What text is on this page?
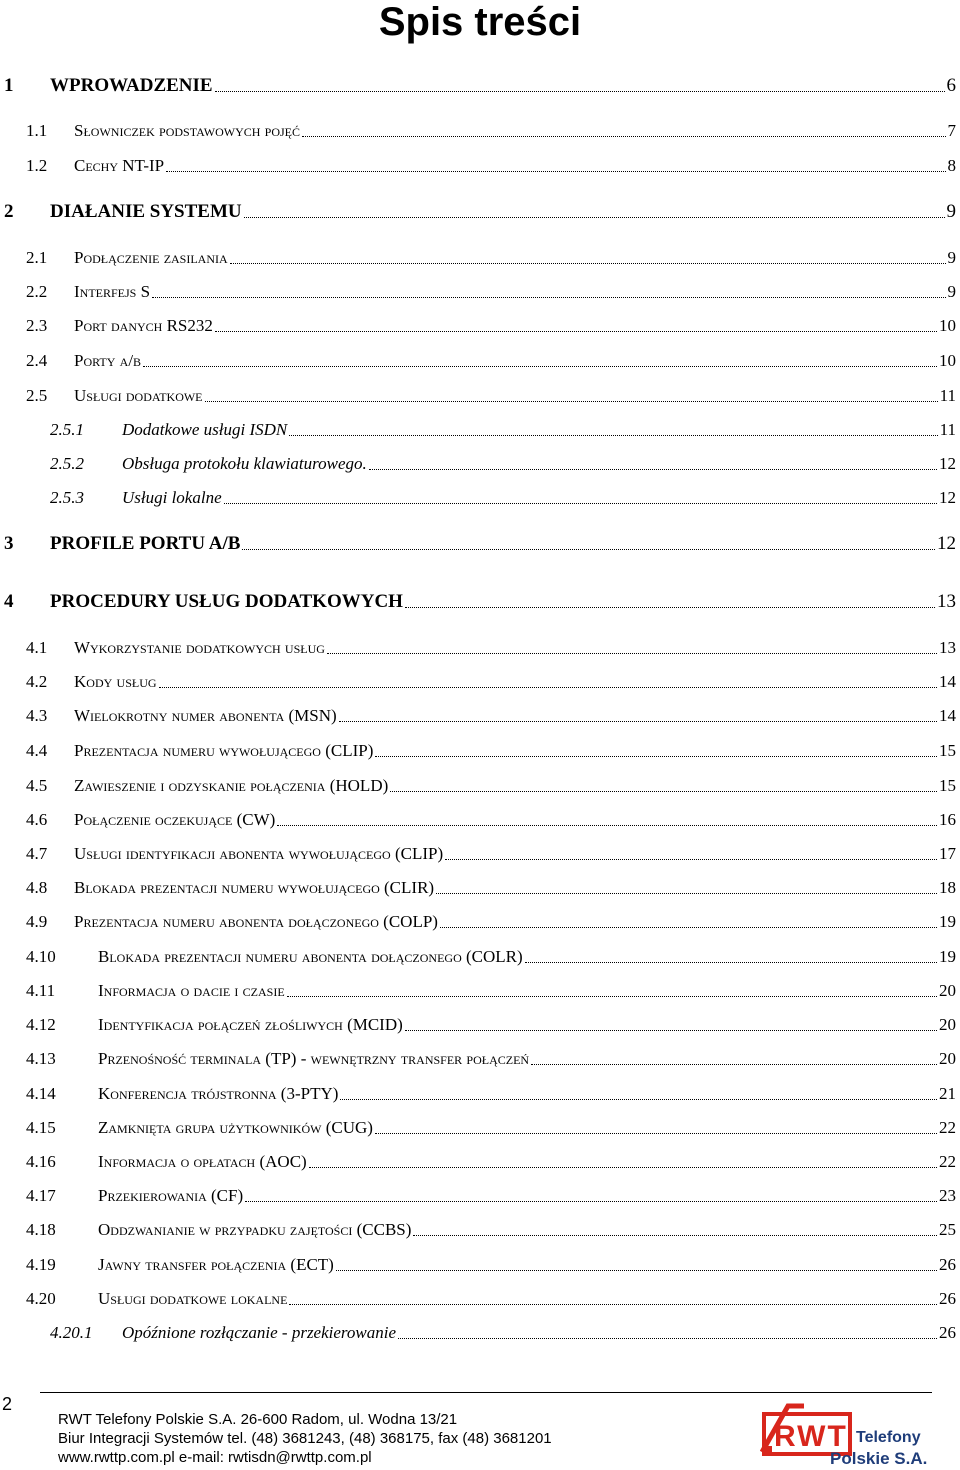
Spis treści
1	WPROWADZENIE	6
1.1	Słowniczek podstawowych pojęć	7
1.2	Cechy NT-IP	8
2	DIAŁANIE SYSTEMU	9
2.1	Podłączenie zasilania	9
2.2	Interfejs S	9
2.3	Port danych RS232	10
2.4	Porty a/b	10
2.5	Usługi dodatkowe	11
2.5.1	Dodatkowe usługi ISDN	11
2.5.2	Obsługa protokołu klawiaturowego.	12
2.5.3	Usługi lokalne	12
3	PROFILE PORTU A/B	12
4	PROCEDURY USŁUG DODATKOWYCH	13
4.1	Wykorzystanie dodatkowych usług	13
4.2	Kody usług	14
4.3	Wielokrotny numer abonenta (MSN)	14
4.4	Prezentacja numeru wywołującego (CLIP)	15
4.5	Zawieszenie i odzyskanie połączenia (HOLD)	15
4.6	Połączenie oczekujące (CW)	16
4.7	Usługi identyfikacji abonenta wywołującego (CLIP)	17
4.8	Blokada prezentacji numeru wywołującego (CLIR)	18
4.9	Prezentacja numeru abonenta dołączonego (COLP)	19
4.10	Blokada prezentacji numeru abonenta dołączonego (COLR)	19
4.11	Informacja o dacie i czasie	20
4.12	Identyfikacja połączeń złośliwych (MCID)	20
4.13	Przenośność terminala (TP) - wewnętrzny transfer połączeń	20
4.14	Konferencja trójstronna (3-PTY)	21
4.15	Zamknięta grupa użytkowników (CUG)	22
4.16	Informacja o opłatach (AOC)	22
4.17	Przekierowania (CF)	23
4.18	Oddzwanianie w przypadku zajętości (CCBS)	25
4.19	Jawny transfer połączenia (ECT)	26
4.20	Usługi dodatkowe lokalne	26
4.20.1	Opóźnione rozłączanie - przekierowanie	26
2
RWT Telefony Polskie S.A. 26-600 Radom, ul. Wodna 13/21
Biur Integracji Systemów tel. (48) 3681243, (48) 368175, fax (48) 3681201
www.rwttp.com.pl e-mail: rwtisdn@rwttp.com.pl
RWT Telefony
Polskie S.A.
